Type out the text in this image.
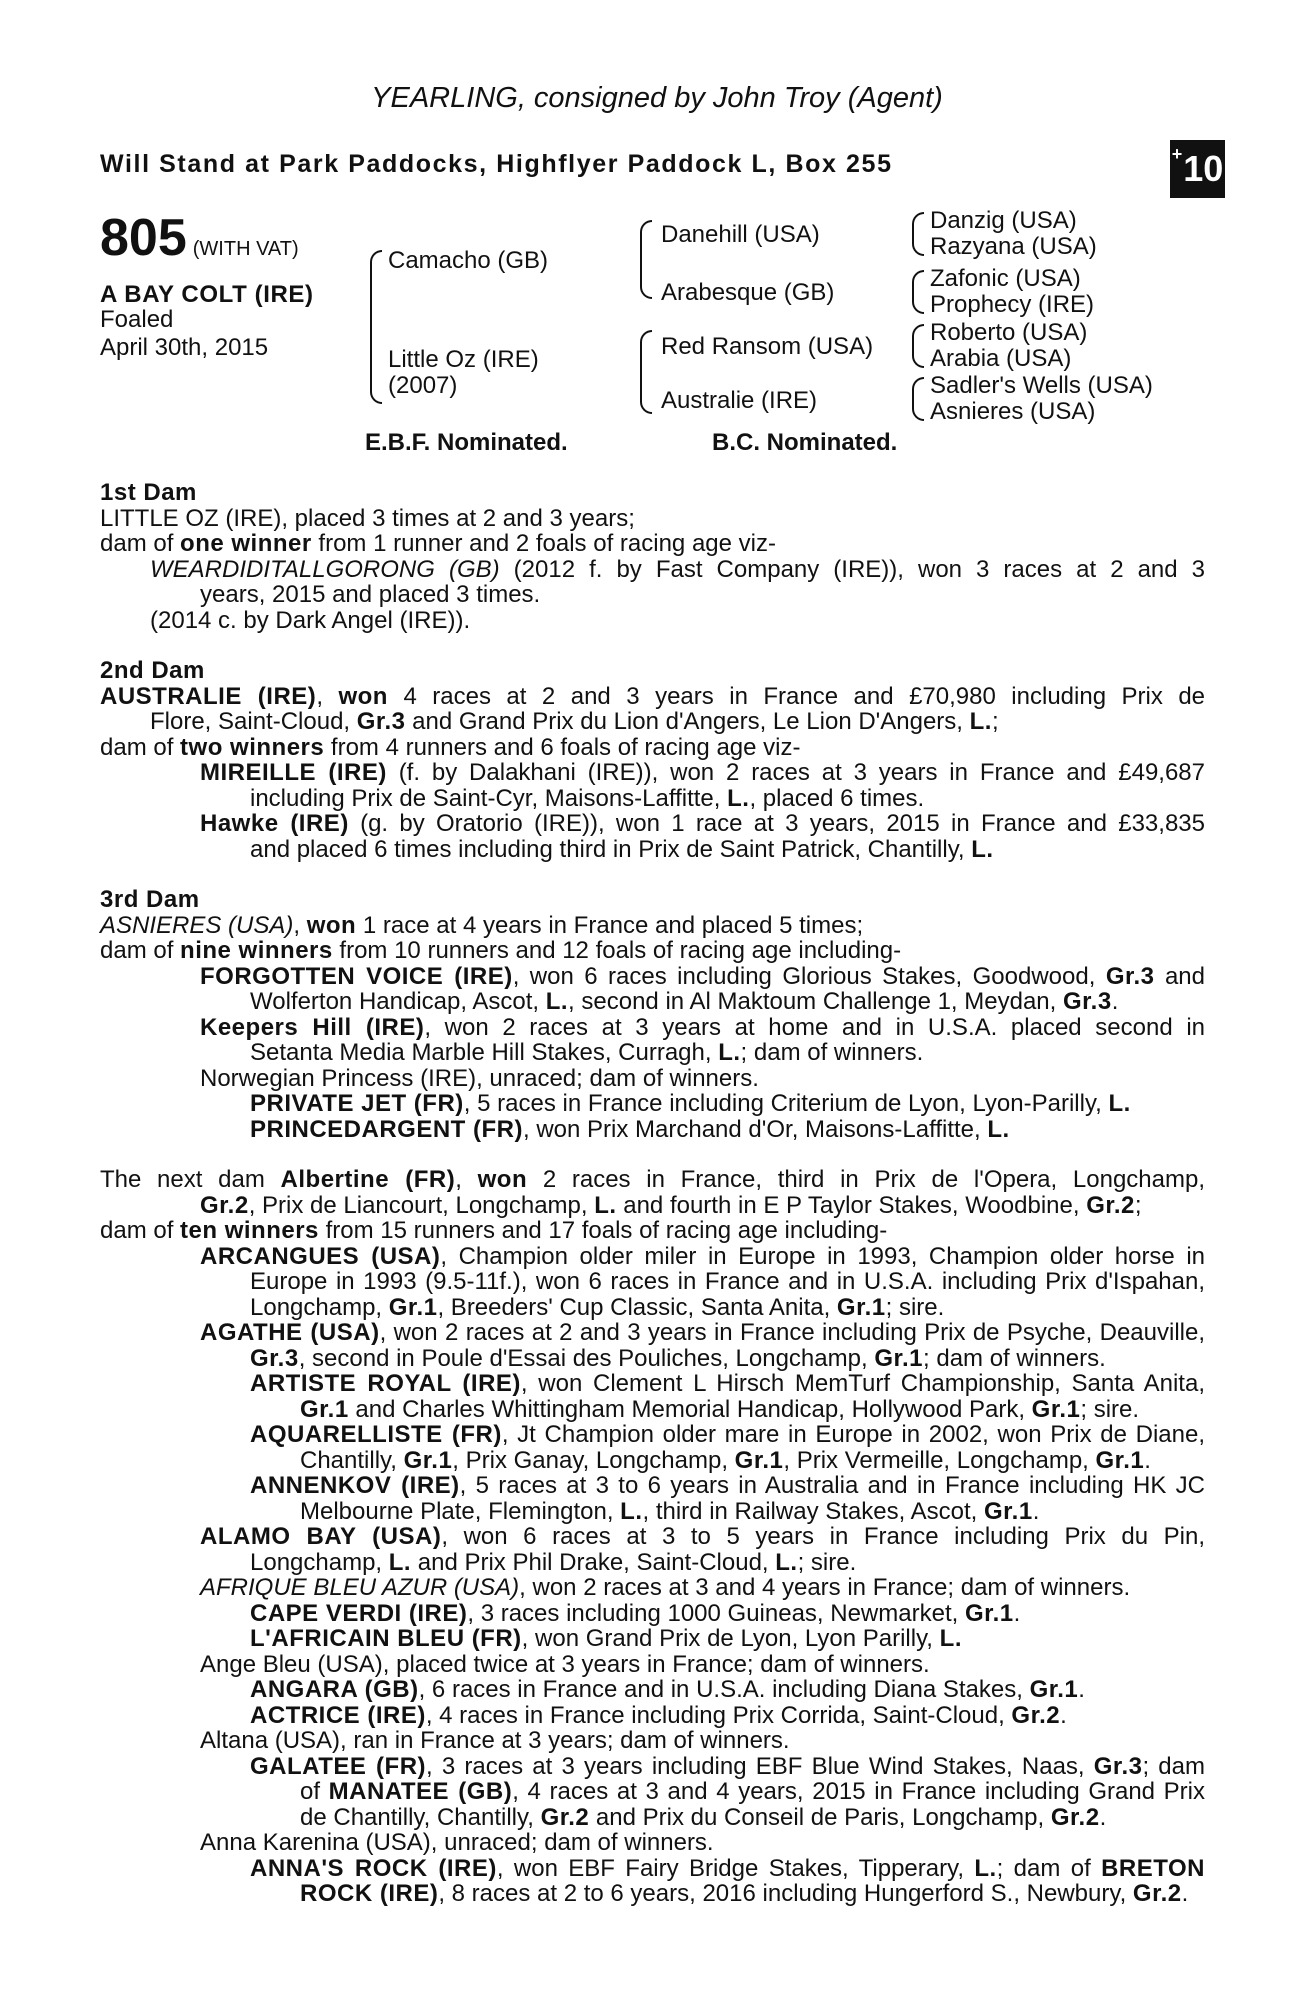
YEARLING, consigned by John Troy (Agent)
Will Stand at Park Paddocks, Highflyer Paddock L, Box 255	+ 10
805 (WITH VAT)
A BAY COLT (IRE)
Foaled
April 30th, 2015
Camacho (GB)
Little Oz (IRE)
(2007)
Danehill (USA)
Arabesque (GB)
Red Ransom (USA)
Australie (IRE)
Danzig (USA)
Razyana (USA)
Zafonic (USA)
Prophecy (IRE)
Roberto (USA)
Arabia (USA)
Sadler's Wells (USA)
Asnieres (USA)
E.B.F. Nominated.	B.C. Nominated.
1st Dam
LITTLE OZ (IRE), placed 3 times at 2 and 3 years;
dam of one winner from 1 runner and 2 foals of racing age viz-
WEARDIDITALLGORONG (GB) (2012 f. by Fast Company (IRE)), won 3 races at 2 and 3
years, 2015 and placed 3 times.
(2014 c. by Dark Angel (IRE)).
2nd Dam
AUSTRALIE (IRE), won 4 races at 2 and 3 years in France and £70,980 including Prix de
Flore, Saint-Cloud, Gr.3 and Grand Prix du Lion d'Angers, Le Lion D'Angers, L.;
dam of two winners from 4 runners and 6 foals of racing age viz-
MIREILLE (IRE) (f. by Dalakhani (IRE)), won 2 races at 3 years in France and £49,687
including Prix de Saint-Cyr, Maisons-Laffitte, L., placed 6 times.
Hawke (IRE) (g. by Oratorio (IRE)), won 1 race at 3 years, 2015 in France and £33,835
and placed 6 times including third in Prix de Saint Patrick, Chantilly, L.
3rd Dam
ASNIERES (USA), won 1 race at 4 years in France and placed 5 times;
dam of nine winners from 10 runners and 12 foals of racing age including-
FORGOTTEN VOICE (IRE), won 6 races including Glorious Stakes, Goodwood, Gr.3 and
Wolferton Handicap, Ascot, L., second in Al Maktoum Challenge 1, Meydan, Gr.3.
Keepers Hill (IRE), won 2 races at 3 years at home and in U.S.A. placed second in
Setanta Media Marble Hill Stakes, Curragh, L.; dam of winners.
Norwegian Princess (IRE), unraced; dam of winners.
PRIVATE JET (FR), 5 races in France including Criterium de Lyon, Lyon-Parilly, L.
PRINCEDARGENT (FR), won Prix Marchand d'Or, Maisons-Laffitte, L.
The next dam Albertine (FR), won 2 races in France, third in Prix de l'Opera, Longchamp,
Gr.2, Prix de Liancourt, Longchamp, L. and fourth in E P Taylor Stakes, Woodbine, Gr.2;
dam of ten winners from 15 runners and 17 foals of racing age including-
ARCANGUES (USA), Champion older miler in Europe in 1993, Champion older horse in
Europe in 1993 (9.5-11f.), won 6 races in France and in U.S.A. including Prix d'Ispahan,
Longchamp, Gr.1, Breeders' Cup Classic, Santa Anita, Gr.1; sire.
AGATHE (USA), won 2 races at 2 and 3 years in France including Prix de Psyche, Deauville,
Gr.3, second in Poule d'Essai des Pouliches, Longchamp, Gr.1; dam of winners.
ARTISTE ROYAL (IRE), won Clement L Hirsch MemTurf Championship, Santa Anita,
Gr.1 and Charles Whittingham Memorial Handicap, Hollywood Park, Gr.1; sire.
AQUARELLISTE (FR), Jt Champion older mare in Europe in 2002, won Prix de Diane,
Chantilly, Gr.1, Prix Ganay, Longchamp, Gr.1, Prix Vermeille, Longchamp, Gr.1.
ANNENKOV (IRE), 5 races at 3 to 6 years in Australia and in France including HK JC
Melbourne Plate, Flemington, L., third in Railway Stakes, Ascot, Gr.1.
ALAMO BAY (USA), won 6 races at 3 to 5 years in France including Prix du Pin,
Longchamp, L. and Prix Phil Drake, Saint-Cloud, L.; sire.
AFRIQUE BLEU AZUR (USA), won 2 races at 3 and 4 years in France; dam of winners.
CAPE VERDI (IRE), 3 races including 1000 Guineas, Newmarket, Gr.1.
L'AFRICAIN BLEU (FR), won Grand Prix de Lyon, Lyon Parilly, L.
Ange Bleu (USA), placed twice at 3 years in France; dam of winners.
ANGARA (GB), 6 races in France and in U.S.A. including Diana Stakes, Gr.1.
ACTRICE (IRE), 4 races in France including Prix Corrida, Saint-Cloud, Gr.2.
Altana (USA), ran in France at 3 years; dam of winners.
GALATEE (FR), 3 races at 3 years including EBF Blue Wind Stakes, Naas, Gr.3; dam
of MANATEE (GB), 4 races at 3 and 4 years, 2015 in France including Grand Prix
de Chantilly, Chantilly, Gr.2 and Prix du Conseil de Paris, Longchamp, Gr.2.
Anna Karenina (USA), unraced; dam of winners.
ANNA'S ROCK (IRE), won EBF Fairy Bridge Stakes, Tipperary, L.; dam of BRETON
ROCK (IRE), 8 races at 2 to 6 years, 2016 including Hungerford S., Newbury, Gr.2.
